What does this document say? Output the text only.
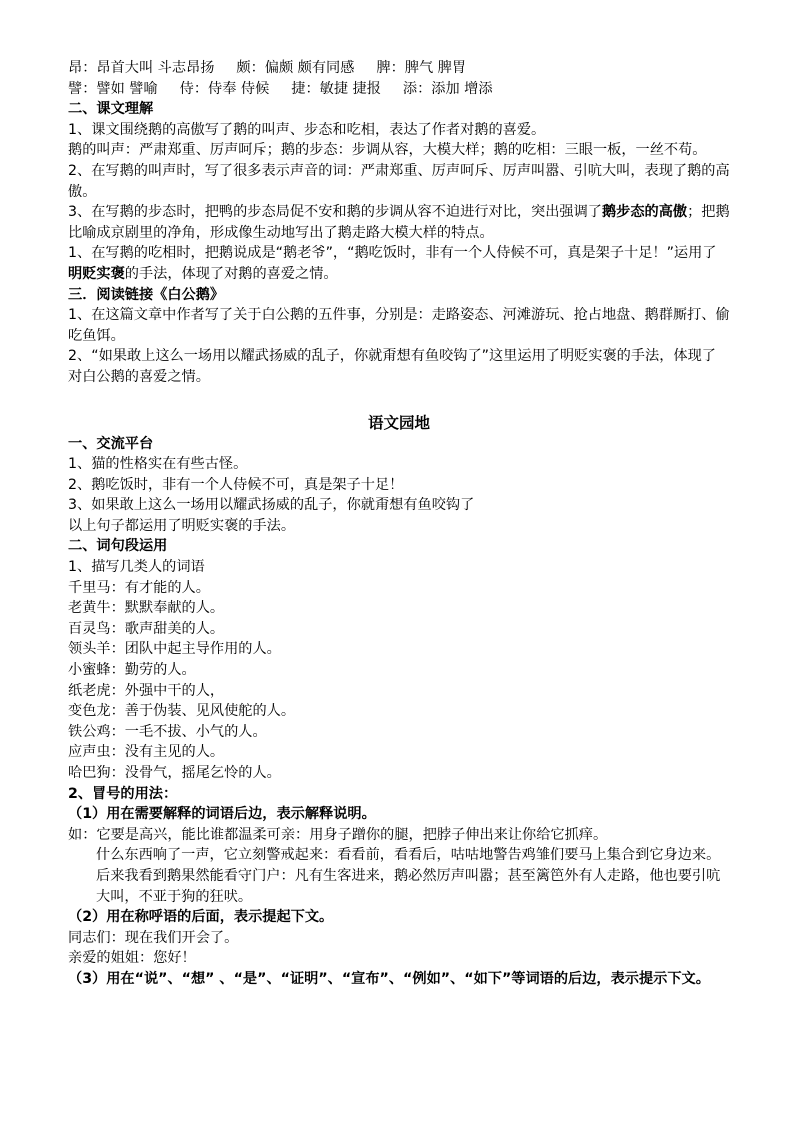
昂：昂首大叫 斗志昂扬 颇：偏颇 颇有同感 脾：脾气 脾胃

譬：譬如 譬喻 侍：侍奉 侍候 捷：敏捷 捷报 添：添加 增添

二、课文理解

1、课文围绕鹅的高傲写了鹅的叫声、步态和吃相，表达了作者对鹅的喜爱。

鹅的叫声：严肃郑重、厉声呵斥；鹅的步态：步调从容，大模大样；鹅的吃相：三眼一板，一丝不苟。

2、在写鹅的叫声时，写了很多表示声音的词：严肃郑重、厉声呵斥、厉声叫嚣、引吭大叫，表现了鹅的高傲。

3、在写鹅的步态时，把鸭的步态局促不安和鹅的步调从容不迫进行对比，突出强调了鹅步态的高傲；把鹅比喻成京剧里的净角，形成像生动地写出了鹅走路大模大样的特点。

1、在写鹅的吃相时，把鹅说成是“鹅老爷”，“鹅吃饭时，非有一个人侍候不可，真是架子十足！”运用了明贬实褒的手法，体现了对鹅的喜爱之情。

三．阅读链接《白公鹅》

1、在这篇文章中作者写了关于白公鹅的五件事，分别是：走路姿态、河滩游玩、抢占地盘、鹅群厮打、偷吃鱼饵。

2、“如果敢上这么一场用以耀武扬威的乱子，你就甭想有鱼咬钩了”这里运用了明贬实褒的手法，体现了对白公鹅的喜爱之情。

语文园地

一、交流平台

1、猫的性格实在有些古怪。

2、鹅吃饭时，非有一个人侍候不可，真是架子十足！

3、如果敢上这么一场用以耀武扬威的乱子，你就甭想有鱼咬钩了

以上句子都运用了明贬实褒的手法。

二、词句段运用

1、描写几类人的词语

千里马：有才能的人。

老黄牛：默默奉献的人。

百灵鸟：歌声甜美的人。

领头羊：团队中起主导作用的人。

小蜜蜂：勤劳的人。

纸老虎：外强中干的人，

变色龙：善于伪装、见风使舵的人。

铁公鸡：一毛不拔、小气的人。

应声虫：没有主见的人。

哈巴狗：没骨气，摇尾乞怜的人。

2、冒号的用法：

（1）用在需要解释的词语后边，表示解释说明。

如：它要是高兴，能比谁都温柔可亲：用身子蹭你的腿，把脖子伸出来让你给它抓痒。

什么东西响了一声，它立刻警戒起来：看看前，看看后，咕咕地警告鸡雏们要马上集合到它身边来。

后来我看到鹅果然能看守门户：凡有生客进来，鹅必然厉声叫嚣；甚至篱笆外有人走路，他也要引吭大叫，不亚于狗的狂吠。

（2）用在称呼语的后面，表示提起下文。

同志们：现在我们开会了。

亲爱的姐姐：您好！

（3）用在“说”、“想” 、“是”、“证明”、“宣布”、“例如”、“如下”等词语的后边，表示提示下文。
